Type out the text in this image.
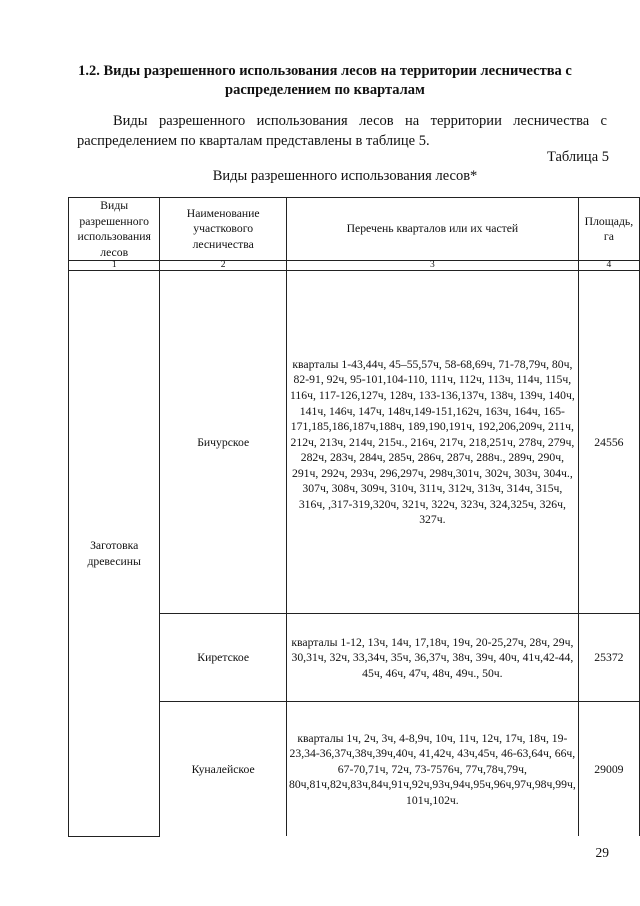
1.2. Виды разрешенного использования лесов на территории лесничества с распределением по кварталам
Виды разрешенного использования лесов на территории лесничества с распределением по кварталам представлены в таблице 5.
Таблица 5
Виды разрешенного использования лесов*
Виды разрешенного использования лесов	Наименование участкового лесничества	Перечень кварталов или их частей	Площадь, га
1	2	3	4
Заготовка древесины	Бичурское	кварталы 1-43,44ч, 45–55,57ч, 58-68,69ч, 71-78,79ч, 80ч, 82-91, 92ч, 95-101,104-110, 111ч, 112ч, 113ч, 114ч, 115ч, 116ч, 117-126,127ч, 128ч, 133-136,137ч, 138ч, 139ч, 140ч, 141ч, 146ч, 147ч, 148ч,149-151,162ч, 163ч, 164ч, 165-171,185,186,187ч,188ч, 189,190,191ч, 192,206,209ч, 211ч, 212ч, 213ч, 214ч, 215ч., 216ч, 217ч, 218,251ч, 278ч, 279ч, 282ч, 283ч, 284ч, 285ч, 286ч, 287ч, 288ч., 289ч, 290ч, 291ч, 292ч, 293ч, 296,297ч, 298ч,301ч, 302ч, 303ч, 304ч., 307ч, 308ч, 309ч, 310ч, 311ч, 312ч, 313ч, 314ч, 315ч, 316ч, ,317-319,320ч, 321ч, 322ч, 323ч, 324,325ч, 326ч, 327ч.	24556
	Киретское	кварталы 1-12, 13ч, 14ч, 17,18ч, 19ч, 20-25,27ч, 28ч, 29ч, 30,31ч, 32ч, 33,34ч, 35ч, 36,37ч, 38ч, 39ч, 40ч, 41ч,42-44, 45ч, 46ч, 47ч, 48ч, 49ч., 50ч.	25372
	Куналейское	кварталы 1ч, 2ч, 3ч, 4-8,9ч, 10ч, 11ч, 12ч, 17ч, 18ч, 19-23,34-36,37ч,38ч,39ч,40ч, 41,42ч, 43ч,45ч, 46-63,64ч, 66ч, 67-70,71ч, 72ч, 73-7576ч, 77ч,78ч,79ч, 80ч,81ч,82ч,83ч,84ч,91ч,92ч,93ч,94ч,95ч,96ч,97ч,98ч,99ч, 101ч,102ч.	29009
29
